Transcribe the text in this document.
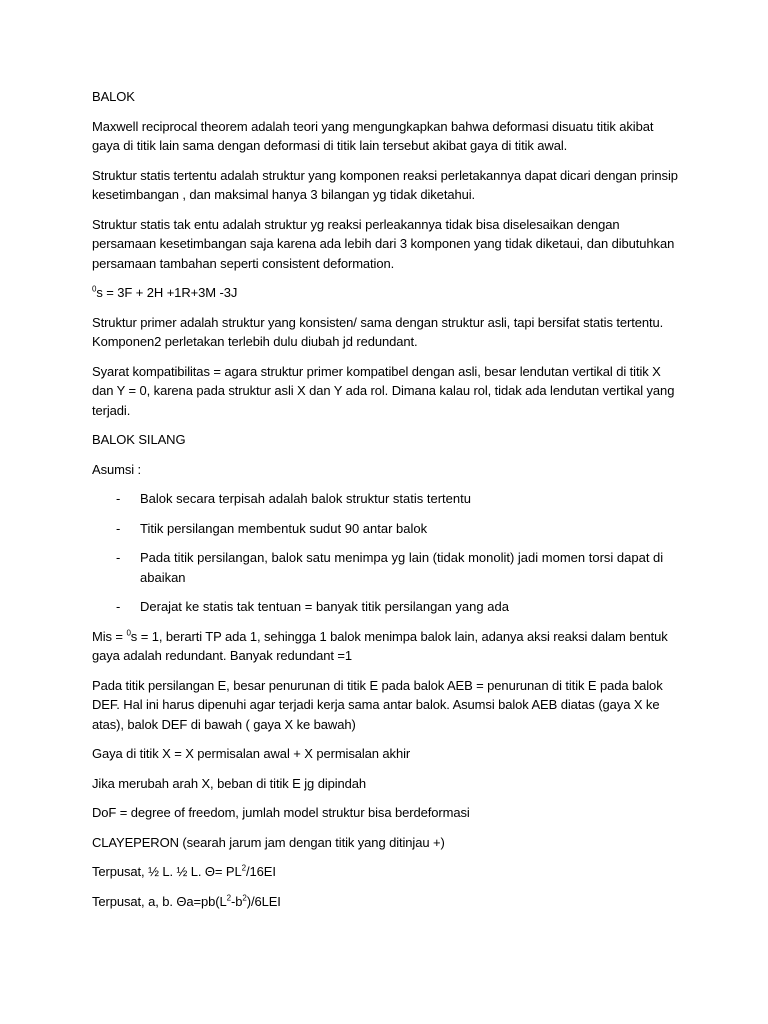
BALOK

Maxwell reciprocal theorem adalah teori yang mengungkapkan bahwa deformasi disuatu titik akibat gaya di titik lain sama dengan deformasi di titik lain tersebut akibat gaya di titik awal.

Struktur statis tertentu adalah struktur yang komponen reaksi perletakannya dapat dicari dengan prinsip kesetimbangan , dan maksimal hanya 3 bilangan yg tidak diketahui.

Struktur statis tak entu adalah struktur yg reaksi perleakannya tidak bisa diselesaikan dengan persamaan kesetimbangan saja karena ada lebih dari 3 komponen yang tidak diketaui, dan dibutuhkan persamaan tambahan seperti consistent deformation.

$^0$s = 3F + 2H +1R+3M -3J

Struktur primer adalah struktur yang konsisten/ sama dengan struktur asli, tapi bersifat statis tertentu. Komponen2 perletakan terlebih dulu diubah jd redundant.

Syarat kompatibilitas = agara struktur primer kompatibel dengan asli, besar lendutan vertikal di titik X dan Y = 0, karena pada struktur asli X dan Y ada rol. Dimana kalau rol, tidak ada lendutan vertikal yang terjadi.

BALOK SILANG

Asumsi :

- Balok secara terpisah adalah balok struktur statis tertentu
- Titik persilangan membentuk sudut 90 antar balok
- Pada titik persilangan, balok satu menimpa yg lain (tidak monolit) jadi momen torsi dapat di abaikan
- Derajat ke statis tak tentuan = banyak titik persilangan yang ada

Mis = $^0$s = 1, berarti TP ada 1, sehingga 1 balok menimpa balok lain, adanya aksi reaksi dalam bentuk gaya adalah redundant. Banyak redundant =1

Pada titik persilangan E, besar penurunan di titik E pada balok AEB = penurunan di titik E pada balok DEF. Hal ini harus dipenuhi agar terjadi kerja sama antar balok. Asumsi balok AEB diatas (gaya X ke atas), balok DEF di bawah ( gaya X ke bawah)

Gaya di titik X = X permisalan awal + X permisalan akhir

Jika merubah arah X, beban di titik E jg dipindah

DoF = degree of freedom, jumlah model struktur bisa berdeformasi

CLAYEPERON (searah jarum jam dengan titik yang ditinjau +)

Terpusat, ½ L. ½ L. $\Theta= PL^2/16EI$

Terpusat, a, b. $\Theta a=pb(L^2-b^2)/6LEI$
